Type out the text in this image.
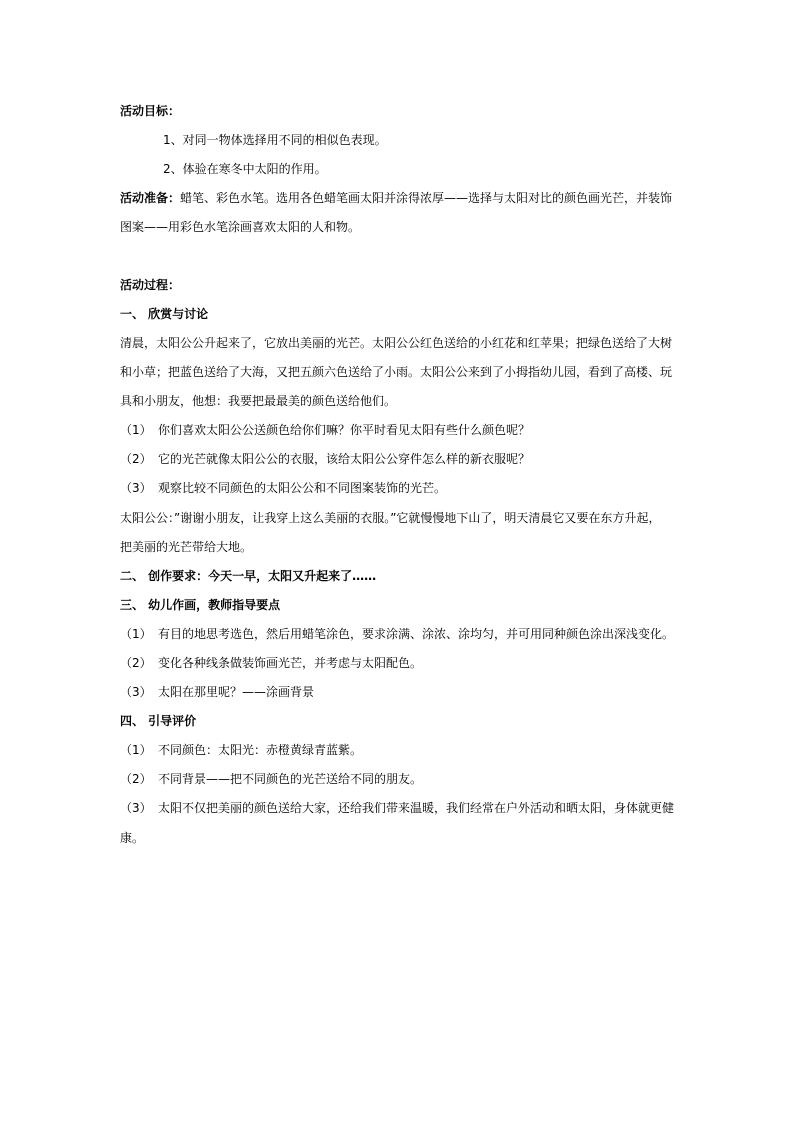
活动目标：
1、对同一物体选择用不同的相似色表现。
2、体验在寒冬中太阳的作用。
活动准备：蜡笔、彩色水笔。选用各色蜡笔画太阳并涂得浓厚——选择与太阳对比的颜色画光芒，并装饰
图案——用彩色水笔涂画喜欢太阳的人和物。
活动过程：
一、 欣赏与讨论
清晨，太阳公公升起来了，它放出美丽的光芒。太阳公公红色送给的小红花和红苹果；把绿色送给了大树
和小草；把蓝色送给了大海，又把五颜六色送给了小雨。太阳公公来到了小拇指幼儿园，看到了高楼、玩
具和小朋友，他想：我要把最最美的颜色送给他们。
（1） 你们喜欢太阳公公送颜色给你们嘛？你平时看见太阳有些什么颜色呢？
（2） 它的光芒就像太阳公公的衣服，该给太阳公公穿件怎么样的新衣服呢？
（3） 观察比较不同颜色的太阳公公和不同图案装饰的光芒。
太阳公公：”谢谢小朋友，让我穿上这么美丽的衣服。”它就慢慢地下山了，明天清晨它又要在东方升起，
把美丽的光芒带给大地。
二、 创作要求：今天一早，太阳又升起来了……
三、 幼儿作画，教师指导要点
（1） 有目的地思考选色，然后用蜡笔涂色，要求涂满、涂浓、涂均匀，并可用同种颜色涂出深浅变化。
（2） 变化各种线条做装饰画光芒，并考虑与太阳配色。
（3） 太阳在那里呢？——涂画背景
四、 引导评价
（1） 不同颜色：太阳光：赤橙黄绿青蓝紫。
（2） 不同背景——把不同颜色的光芒送给不同的朋友。
（3） 太阳不仅把美丽的颜色送给大家，还给我们带来温暖，我们经常在户外活动和晒太阳，身体就更健
康。
